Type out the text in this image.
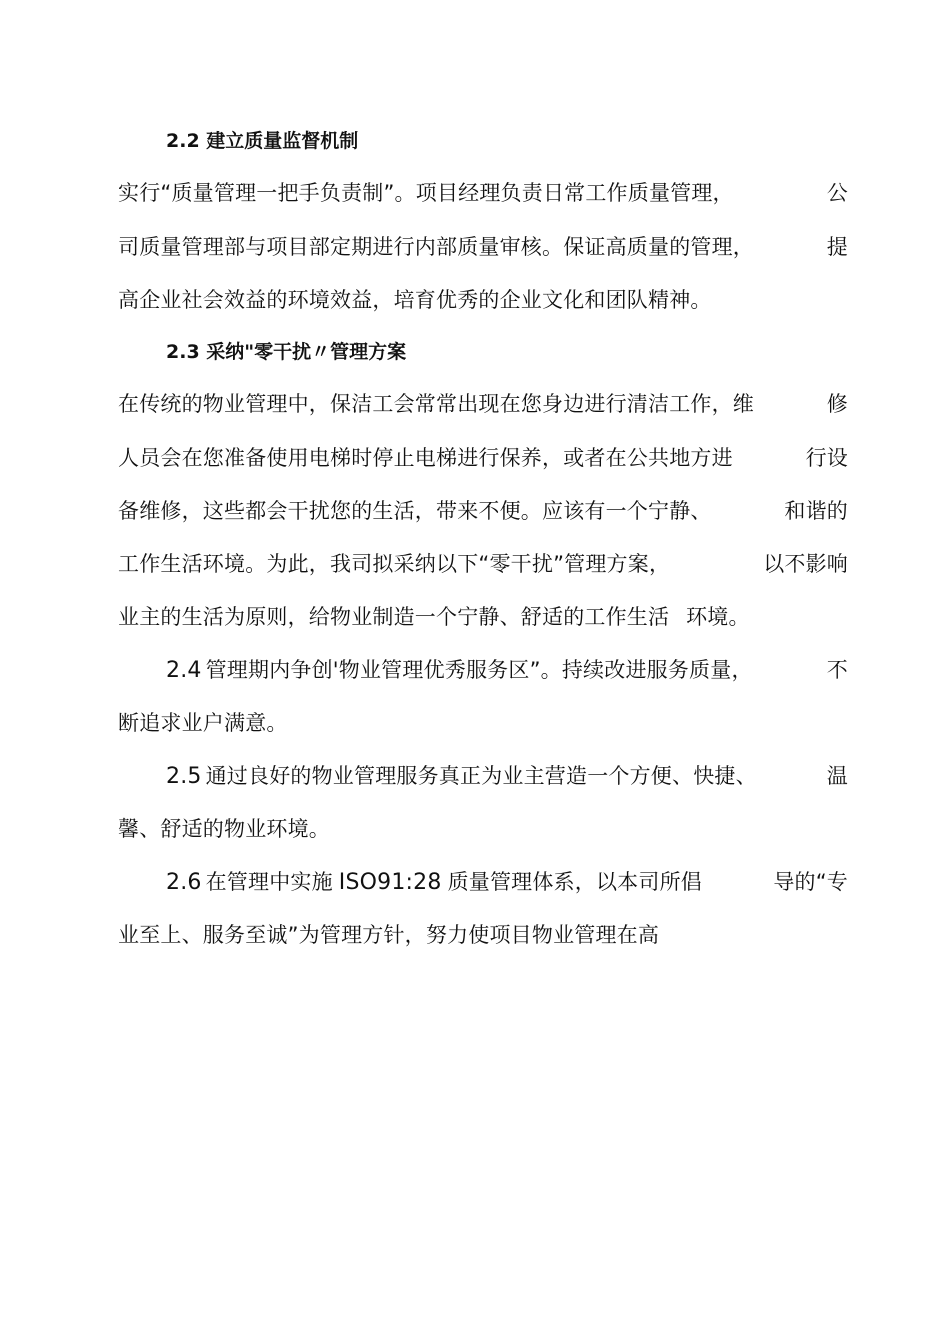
2.2 建立质量监督机制
实行“质量管理一把手负责制”。项目经理负责日常工作质量管理，	公
司质量管理部与项目部定期进行内部质量审核。保证高质量的管理，	提
高企业社会效益的环境效益，培育优秀的企业文化和团队精神。
2.3 采纳"零干扰〃管理方案
在传统的物业管理中，保洁工会常常出现在您身边进行清洁工作，维	修
人员会在您准备使用电梯时停止电梯进行保养，或者在公共地方进	行设
备维修，这些都会干扰您的生活，带来不便。应该有一个宁静、	和谐的
工作生活环境。为此，我司拟采纳以下“零干扰”管理方案，	以不影响
业主的生活为原则，给物业制造一个宁静、舒适的工作生活 环境。
2.4 管理期内争创'物业管理优秀服务区”。持续改进服务质量，	不
断追求业户满意。
2.5 通过良好的物业管理服务真正为业主营造一个方便、快捷、	温
馨、舒适的物业环境。
2.6 在管理中实施 ISO91:28 质量管理体系，以本司所倡	导的“专
业至上、服务至诚”为管理方针，努力使项目物业管理在高
